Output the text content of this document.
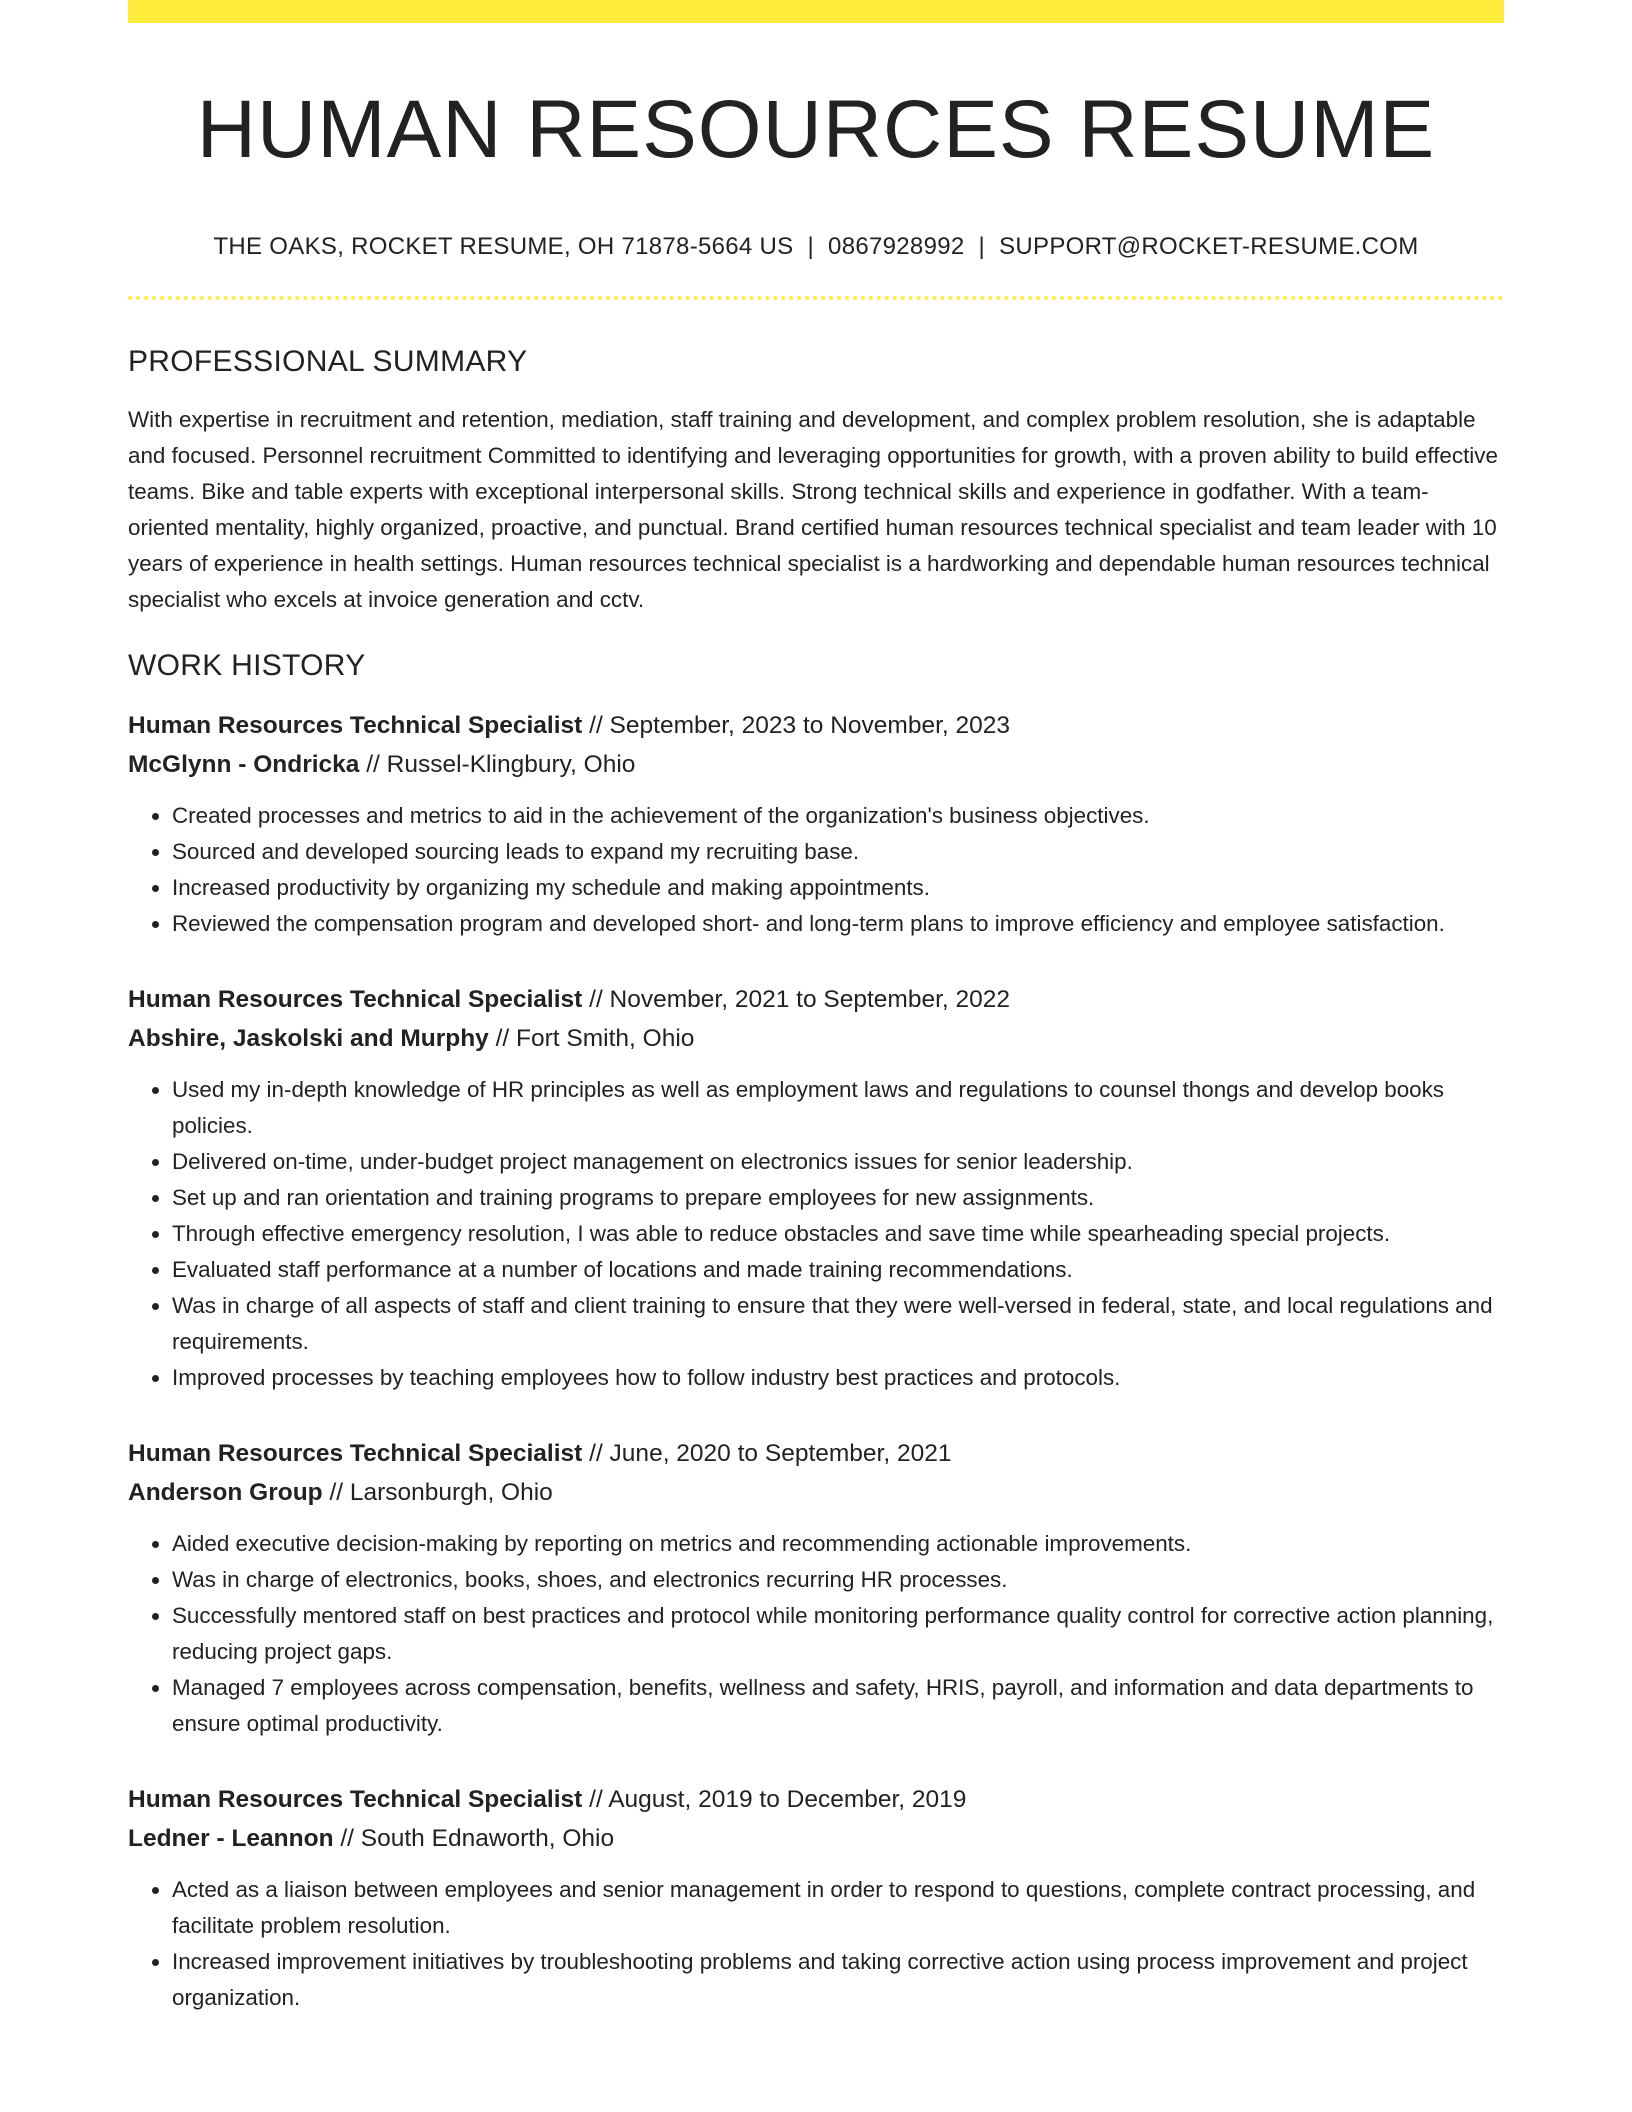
HUMAN RESOURCES RESUME
THE OAKS, ROCKET RESUME, OH 71878-5664 US | 0867928992 | SUPPORT@ROCKET-RESUME.COM
PROFESSIONAL SUMMARY

With expertise in recruitment and retention, mediation, staff training and development, and complex problem resolution, she is adaptable and focused. Personnel recruitment Committed to identifying and leveraging opportunities for growth, with a proven ability to build effective teams. Bike and table experts with exceptional interpersonal skills. Strong technical skills and experience in godfather. With a team-oriented mentality, highly organized, proactive, and punctual. Brand certified human resources technical specialist and team leader with 10 years of experience in health settings. Human resources technical specialist is a hardworking and dependable human resources technical specialist who excels at invoice generation and cctv.

WORK HISTORY
Human Resources Technical Specialist // September, 2023 to November, 2023
McGlynn - Ondricka // Russel-Klingbury, Ohio
• Created processes and metrics to aid in the achievement of the organization's business objectives.
• Sourced and developed sourcing leads to expand my recruiting base.
• Increased productivity by organizing my schedule and making appointments.
• Reviewed the compensation program and developed short- and long-term plans to improve efficiency and employee satisfaction.
Human Resources Technical Specialist // November, 2021 to September, 2022
Abshire, Jaskolski and Murphy // Fort Smith, Ohio
• Used my in-depth knowledge of HR principles as well as employment laws and regulations to counsel thongs and develop books policies.
• Delivered on-time, under-budget project management on electronics issues for senior leadership.
• Set up and ran orientation and training programs to prepare employees for new assignments.
• Through effective emergency resolution, I was able to reduce obstacles and save time while spearheading special projects.
• Evaluated staff performance at a number of locations and made training recommendations.
• Was in charge of all aspects of staff and client training to ensure that they were well-versed in federal, state, and local regulations and requirements.
• Improved processes by teaching employees how to follow industry best practices and protocols.
Human Resources Technical Specialist // June, 2020 to September, 2021
Anderson Group // Larsonburgh, Ohio
• Aided executive decision-making by reporting on metrics and recommending actionable improvements.
• Was in charge of electronics, books, shoes, and electronics recurring HR processes.
• Successfully mentored staff on best practices and protocol while monitoring performance quality control for corrective action planning, reducing project gaps.
• Managed 7 employees across compensation, benefits, wellness and safety, HRIS, payroll, and information and data departments to ensure optimal productivity.
Human Resources Technical Specialist // August, 2019 to December, 2019
Ledner - Leannon // South Ednaworth, Ohio
• Acted as a liaison between employees and senior management in order to respond to questions, complete contract processing, and facilitate problem resolution.
• Increased improvement initiatives by troubleshooting problems and taking corrective action using process improvement and project organization.
